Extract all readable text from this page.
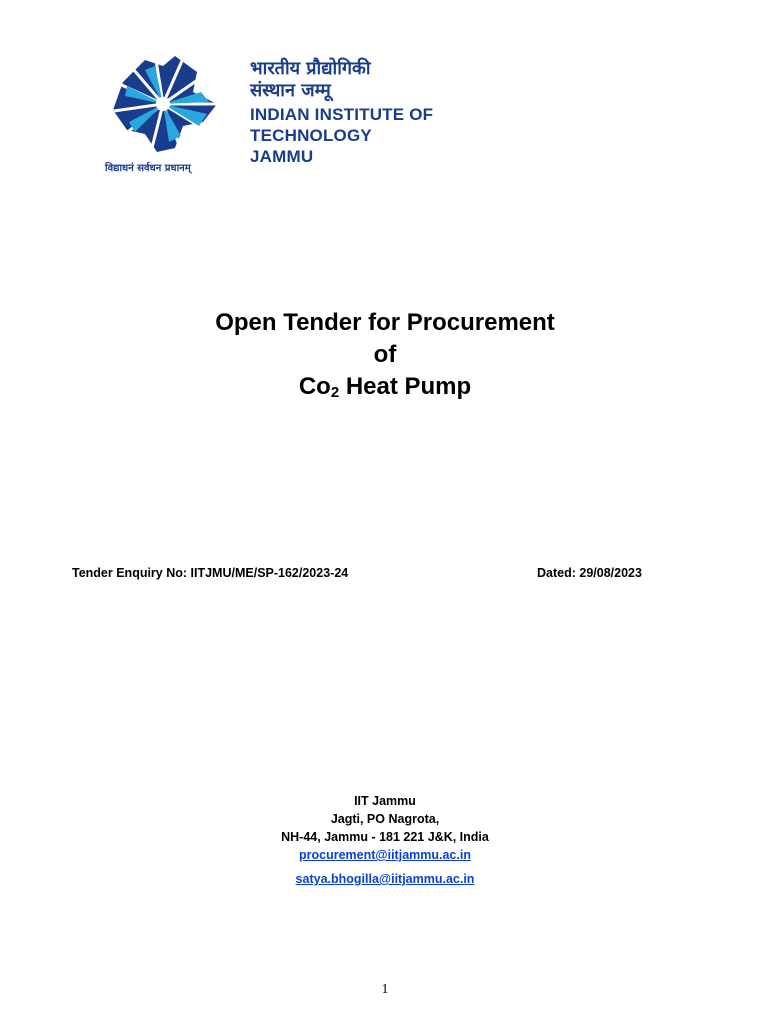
भारतीय प्रौद्योगिकी
संस्थान जम्मू
INDIAN INSTITUTE OF
TECHNOLOGY JAMMU
विद्याधनं सर्वधन प्रधानम्
Open Tender for Procurement
of
$Co_2$ Heat Pump
Tender Enquiry No: IITJMU/ME/SP-162/2023-24	Dated: 29/08/2023
IIT Jammu
Jagti, PO Nagrota,
NH-44, Jammu - 181 221 J&K, India
procurement@iitjammu.ac.in
satya.bhogilla@iitjammu.ac.in
1
